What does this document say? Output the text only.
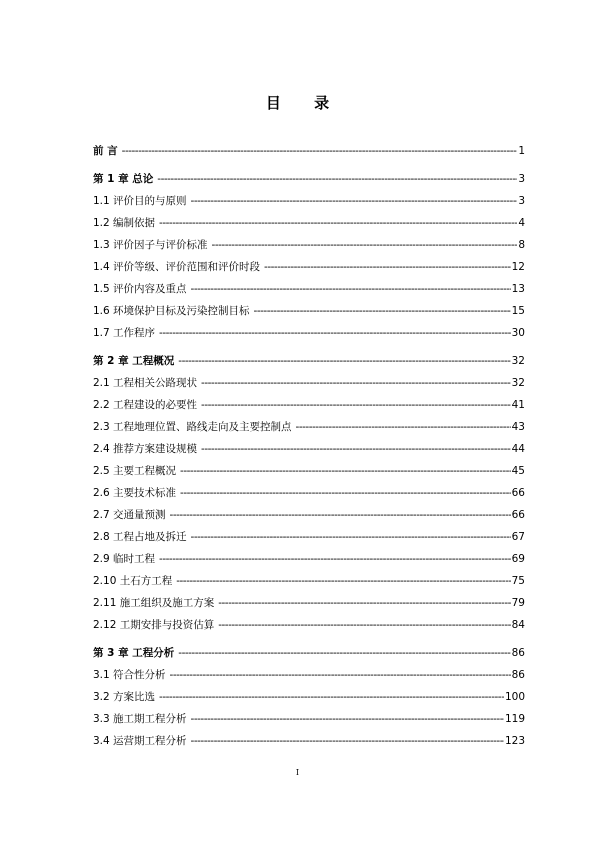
目 录
前 言 -----	1
第 1 章 总论 -----	3
1.1 评价目的与原则 -----	3
1.2 编制依据 -----	4
1.3 评价因子与评价标准 -----	8
1.4 评价等级、评价范围和评价时段 -----	12
1.5 评价内容及重点 -----	13
1.6 环境保护目标及污染控制目标 -----	15
1.7 工作程序 -----	30
第 2 章 工程概况 -----	32
2.1 工程相关公路现状 -----	32
2.2 工程建设的必要性 -----	41
2.3 工程地理位置、路线走向及主要控制点 -----	43
2.4 推荐方案建设规模 -----	44
2.5 主要工程概况 -----	45
2.6 主要技术标准 -----	66
2.7 交通量预测 -----	66
2.8 工程占地及拆迁 -----	67
2.9 临时工程 -----	69
2.10 土石方工程 -----	75
2.11 施工组织及施工方案 -----	79
2.12 工期安排与投资估算 -----	84
第 3 章 工程分析 -----	86
3.1 符合性分析 -----	86
3.2 方案比选 -----	100
3.3 施工期工程分析 -----	119
3.4 运营期工程分析 -----	123
I
